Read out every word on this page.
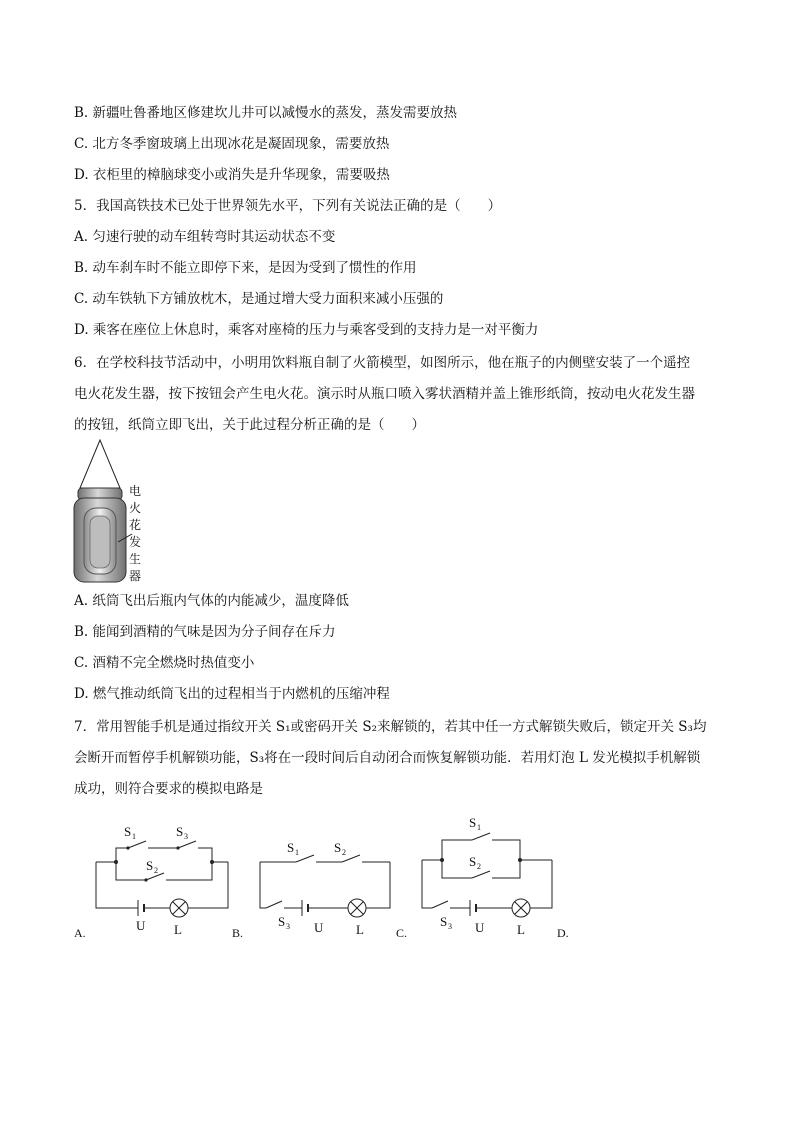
B. 新疆吐鲁番地区修建坎儿井可以减慢水的蒸发，蒸发需要放热
C. 北方冬季窗玻璃上出现冰花是凝固现象，需要放热
D. 衣柜里的樟脑球变小或消失是升华现象，需要吸热
5．我国高铁技术已处于世界领先水平，下列有关说法正确的是（　　）
A. 匀速行驶的动车组转弯时其运动状态不变
B. 动车刹车时不能立即停下来，是因为受到了惯性的作用
C. 动车铁轨下方铺放枕木，是通过增大受力面积来减小压强的
D. 乘客在座位上休息时，乘客对座椅的压力与乘客受到的支持力是一对平衡力
6．在学校科技节活动中，小明用饮料瓶自制了火箭模型，如图所示，他在瓶子的内侧壁安装了一个遥控
电火花发生器，按下按钮会产生电火花。演示时从瓶口喷入雾状酒精并盖上锥形纸筒，按动电火花发生器
的按钮，纸筒立即飞出，关于此过程分析正确的是（　　）
电
火
花
发
生
器
A. 纸筒飞出后瓶内气体的内能减少，温度降低
B. 能闻到酒精的气味是因为分子间存在斥力
C. 酒精不完全燃烧时热值变小
D. 燃气推动纸筒飞出的过程相当于内燃机的压缩冲程
7．常用智能手机是通过指纹开关 S₁或密码开关 S₂来解锁的，若其中任一方式解锁失败后，锁定开关 S₃均
会断开而暂停手机解锁功能，S₃将在一段时间后自动闭合而恢复解锁功能．若用灯泡 L 发光模拟手机解锁
成功，则符合要求的模拟电路是
S 1	S 3
S 2
U L
S 1	S 2
S 3 U	L
S 1
S 2
S 3 U	L
A.	B.	C.	D.
